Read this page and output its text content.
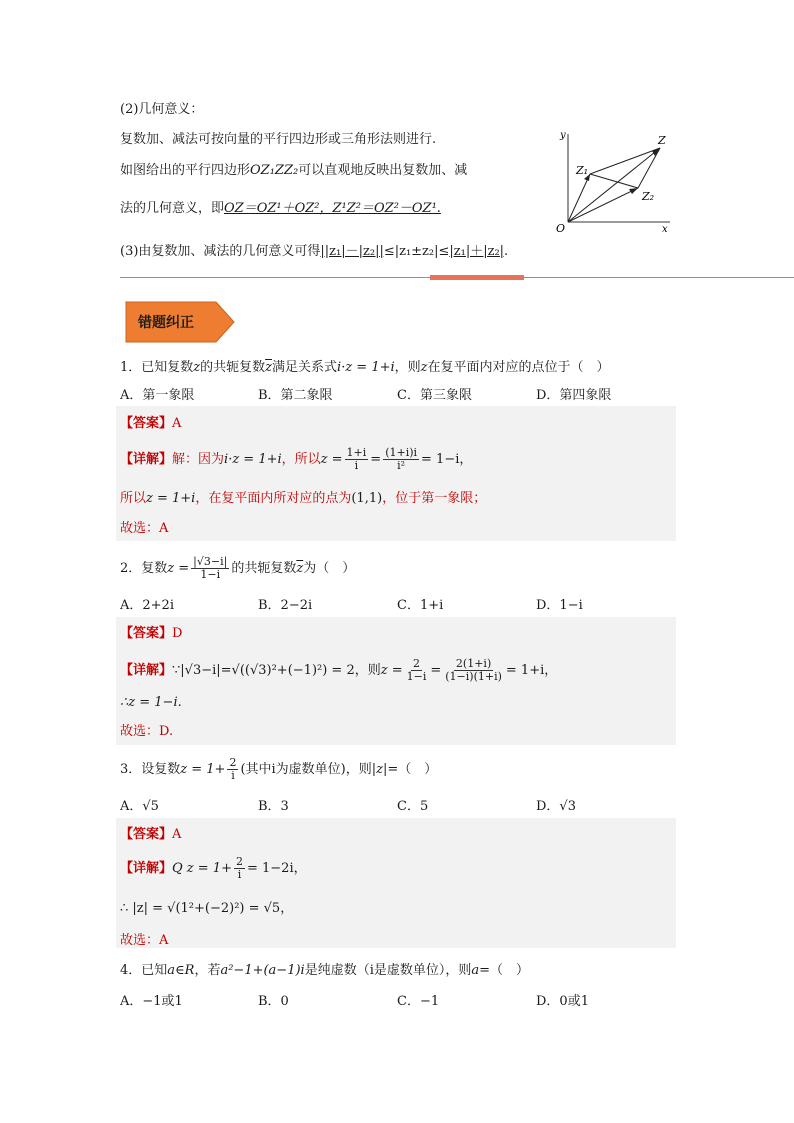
(2)几何意义：
复数加、减法可按向量的平行四边形或三角形法则进行.
如图给出的平行四边形OZ₁ZZ₂可以直观地反映出复数加、减
法的几何意义，即OZ＝OZ¹＋OZ²，Z¹Z²＝OZ²－OZ¹.
y
x
O
Z
Z₁
Z₂
(3)由复数加、减法的几何意义可得||z₁|－|z₂||≤|z₁±z₂|≤|z₁|＋|z₂|.
错题纠正
1．已知复数z的共轭复数$\overline{z}$满足关系式i·z = 1+i，则z在复平面内对应的点位于（　）
A．第一象限	B．第二象限	C．第三象限	D．第四象限
【答案】A
【详解】解：因为i·z = 1+i，所以$z = \frac{1+i}{i} = \frac{(1+i)i}{\text{i²}} = 1-i$，
所以z = 1+i，在复平面内所对应的点为(1,1)，位于第一象限；
故选：A
2．复数$z = \frac{|√3-i|}{1-i}$ 的共轭复数$\overline{z}$为（　）
A．2+2i	B．2−2i	C．1+i	D．1−i
【答案】D
【详解】∵|√3−i|=√((√3)²+(−1)²) = 2，则$z = \frac{2}{1-i} = \frac{2(1+i)}{(1-i)(1+i)} = 1+i$，
∴z = 1−i.
故选：D.
3．设复数$z = 1+ \frac{2}{i}$ (其中i为虚数单位)，则|z|=（　）
A．√5	B．3	C．5	D．√3
【答案】A
【详解】Q $z = 1+ \frac{2}{i} = 1-2i$，
∴ |z| = √(1²+(−2)²) = √5，
故选：A
4．已知a∈R，若a²−1+(a−1)i是纯虚数（i是虚数单位），则a=（　）
A．−1或1	B．0	C．−1	D．0或1
